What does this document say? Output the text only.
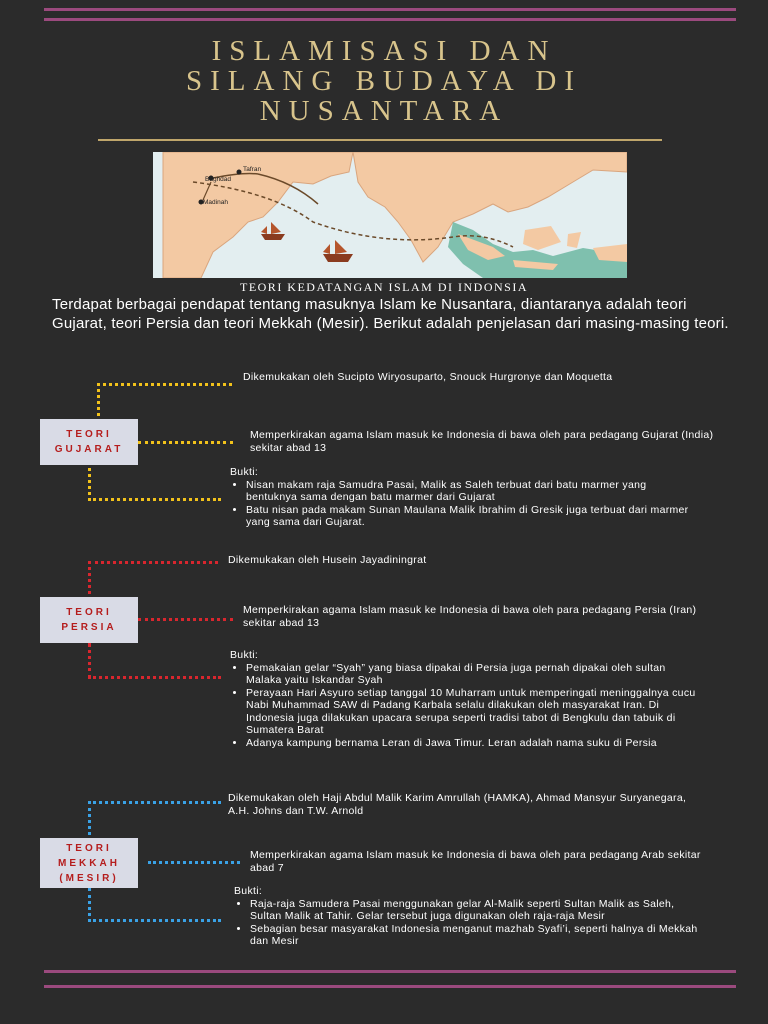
ISLAMISASI DAN
SILANG BUDAYA DI
NUSANTARA
Tafran
Baghdad
Madinah
TEORI KEDATANGAN ISLAM DI INDONSIA
Terdapat berbagai pendapat tentang masuknya Islam ke Nusantara, diantaranya adalah teori Gujarat, teori Persia dan teori Mekkah (Mesir). Berikut adalah penjelasan dari masing-masing teori.
TEORI
GUJARAT
Dikemukakan oleh Sucipto Wiryosuparto, Snouck Hurgronye dan Moquetta
Memperkirakan agama Islam masuk ke Indonesia di bawa oleh para pedagang Gujarat (India) sekitar abad 13
Bukti:
• Nisan makam raja Samudra Pasai, Malik as Saleh terbuat dari batu marmer yang bentuknya sama dengan batu marmer dari Gujarat
• Batu nisan pada makam Sunan Maulana Malik Ibrahim di Gresik juga terbuat dari marmer yang sama dari Gujarat.
TEORI
PERSIA
Dikemukakan oleh Husein Jayadiningrat
Memperkirakan agama Islam masuk ke Indonesia di bawa oleh para pedagang Persia (Iran) sekitar abad 13
Bukti:
• Pemakaian gelar “Syah” yang biasa dipakai di Persia juga pernah dipakai oleh sultan Malaka yaitu Iskandar Syah
• Perayaan Hari Asyuro setiap tanggal 10 Muharram untuk memperingati meninggalnya cucu Nabi Muhammad SAW di Padang Karbala selalu dilakukan oleh masyarakat Iran. Di Indonesia juga dilakukan upacara serupa seperti tradisi tabot di Bengkulu dan tabuik di Sumatera Barat
• Adanya kampung bernama Leran di Jawa Timur. Leran adalah nama suku di Persia
TEORI
MEKKAH
(MESIR)
Dikemukakan oleh Haji Abdul Malik Karim Amrullah (HAMKA), Ahmad Mansyur Suryanegara, A.H. Johns dan T.W. Arnold
Memperkirakan agama Islam masuk ke Indonesia di bawa oleh para pedagang Arab sekitar abad 7
Bukti:
• Raja-raja Samudera Pasai menggunakan gelar Al-Malik seperti Sultan Malik as Saleh, Sultan Malik at Tahir. Gelar tersebut juga digunakan oleh raja-raja Mesir
• Sebagian besar masyarakat Indonesia menganut mazhab Syafi’i, seperti halnya di Mekkah dan Mesir
